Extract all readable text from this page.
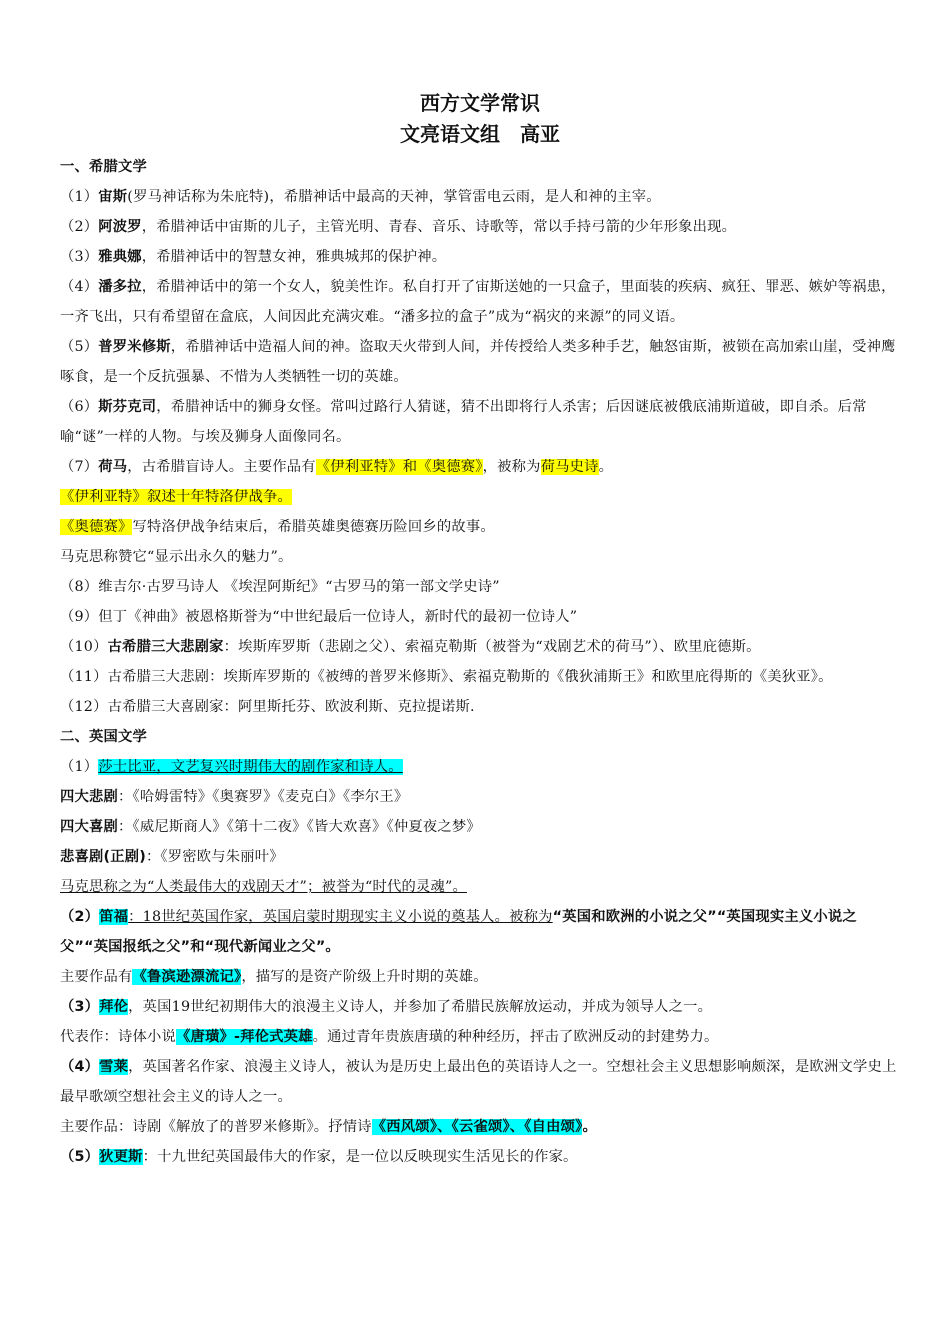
西方文学常识
文亮语文组　高亚

一、希腊文学

（1）宙斯(罗马神话称为朱庇特)，希腊神话中最高的天神，掌管雷电云雨，是人和神的主宰。

（2）阿波罗，希腊神话中宙斯的儿子，主管光明、青春、音乐、诗歌等，常以手持弓箭的少年形象出现。

（3）雅典娜，希腊神话中的智慧女神，雅典城邦的保护神。

（4）潘多拉，希腊神话中的第一个女人，貌美性诈。私自打开了宙斯送她的一只盒子，里面装的疾病、疯狂、罪恶、嫉妒等祸患，一齐飞出，只有希望留在盒底，人间因此充满灾难。“潘多拉的盒子”成为“祸灾的来源”的同义语。

（5）普罗米修斯，希腊神话中造福人间的神。盗取天火带到人间，并传授给人类多种手艺，触怒宙斯，被锁在高加索山崖，受神鹰啄食，是一个反抗强暴、不惜为人类牺牲一切的英雄。

（6）斯芬克司，希腊神话中的狮身女怪。常叫过路行人猜谜，猜不出即将行人杀害；后因谜底被俄底浦斯道破，即自杀。后常喻“谜”一样的人物。与埃及狮身人面像同名。

（7）荷马，古希腊盲诗人。主要作品有《伊利亚特》和《奥德赛》，被称为荷马史诗。

《伊利亚特》叙述十年特洛伊战争。

《奥德赛》写特洛伊战争结束后，希腊英雄奥德赛历险回乡的故事。

马克思称赞它“显示出永久的魅力”。

（8）维吉尔·古罗马诗人 《埃涅阿斯纪》“古罗马的第一部文学史诗”

（9）但丁《神曲》被恩格斯誉为“中世纪最后一位诗人，新时代的最初一位诗人”

（10）古希腊三大悲剧家：埃斯库罗斯（悲剧之父）、索福克勒斯（被誉为“戏剧艺术的荷马”）、欧里庇德斯。

（11）古希腊三大悲剧：埃斯库罗斯的《被缚的普罗米修斯》、索福克勒斯的《俄狄浦斯王》和欧里庇得斯的《美狄亚》。

（12）古希腊三大喜剧家：阿里斯托芬、欧波利斯、克拉提诺斯.

二、英国文学

（1）莎士比亚，文艺复兴时期伟大的剧作家和诗人。

四大悲剧：《哈姆雷特》《奥赛罗》《麦克白》《李尔王》

四大喜剧：《威尼斯商人》《第十二夜》《皆大欢喜》《仲夏夜之梦》

悲喜剧(正剧)：《罗密欧与朱丽叶》

马克思称之为“人类最伟大的戏剧天才”；被誉为“时代的灵魂”。

（2）笛福：18世纪英国作家，英国启蒙时期现实主义小说的奠基人。被称为“英国和欧洲的小说之父”“英国现实主义小说之父”“英国报纸之父”和“现代新闻业之父”。

主要作品有《鲁滨逊漂流记》，描写的是资产阶级上升时期的英雄。

（3）拜伦，英国19世纪初期伟大的浪漫主义诗人，并参加了希腊民族解放运动，并成为领导人之一。

代表作：诗体小说《唐璜》-拜伦式英雄。通过青年贵族唐璜的种种经历，抨击了欧洲反动的封建势力。

（4）雪莱，英国著名作家、浪漫主义诗人，被认为是历史上最出色的英语诗人之一。空想社会主义思想影响颇深，是欧洲文学史上最早歌颂空想社会主义的诗人之一。

主要作品：诗剧《解放了的普罗米修斯》。抒情诗《西风颂》、《云雀颂》、《自由颂》。

（5）狄更斯：十九世纪英国最伟大的作家，是一位以反映现实生活见长的作家。
